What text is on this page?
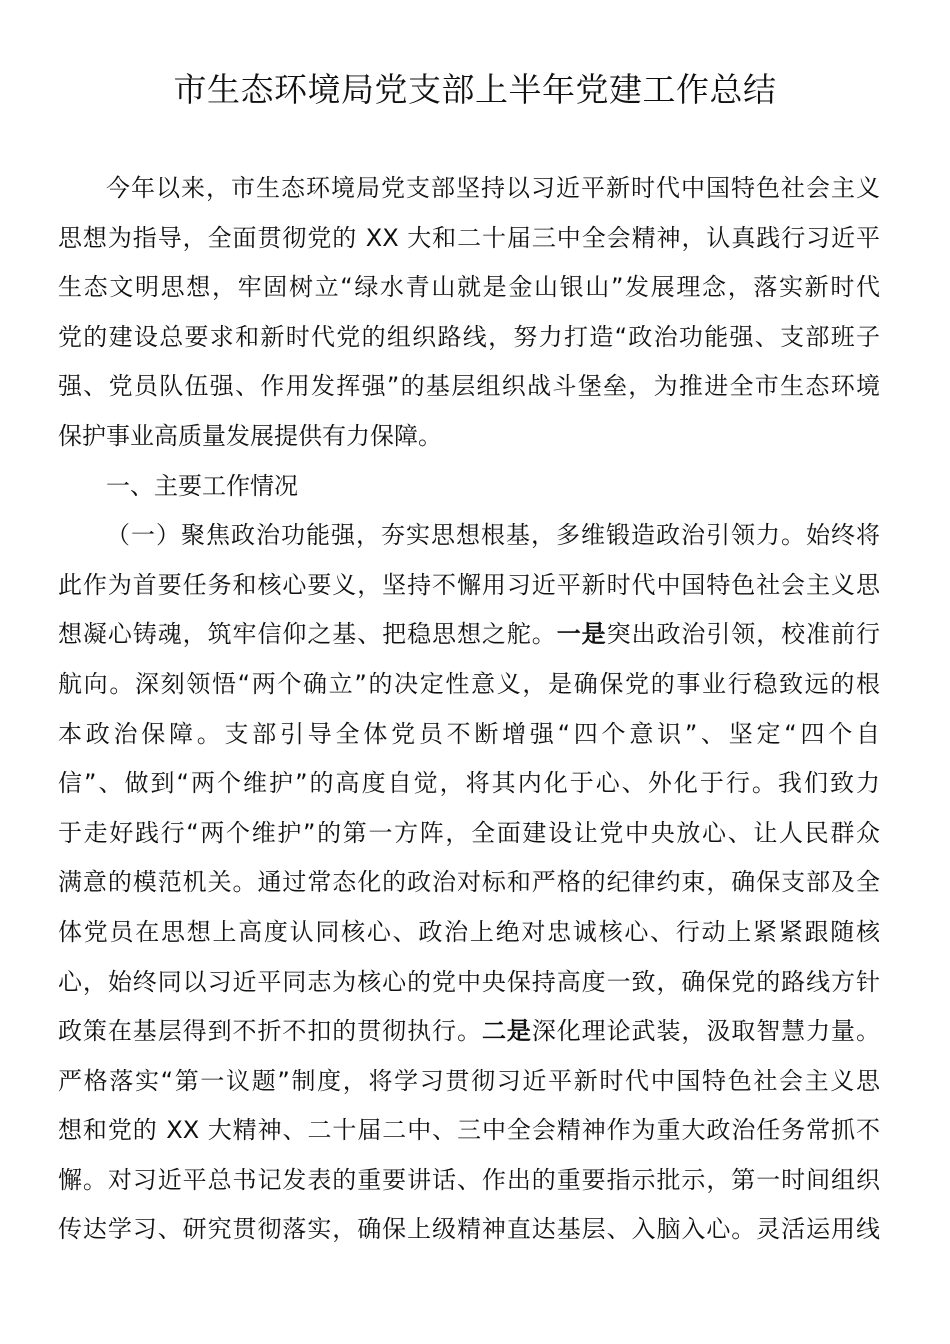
市生态环境局党支部上半年党建工作总结
今年以来，市生态环境局党支部坚持以习近平新时代中国特色社会主义
思想为指导，全面贯彻党的 XX 大和二十届三中全会精神，认真践行习近平
生态文明思想，牢固树立“绿水青山就是金山银山”发展理念，落实新时代
党的建设总要求和新时代党的组织路线，努力打造“政治功能强、支部班子
强、党员队伍强、作用发挥强”的基层组织战斗堡垒，为推进全市生态环境
保护事业高质量发展提供有力保障。
一、主要工作情况
（一）聚焦政治功能强，夯实思想根基，多维锻造政治引领力。始终将
此作为首要任务和核心要义，坚持不懈用习近平新时代中国特色社会主义思
想凝心铸魂，筑牢信仰之基、把稳思想之舵。一是突出政治引领，校准前行
航向。深刻领悟“两个确立”的决定性意义，是确保党的事业行稳致远的根
本政治保障。支部引导全体党员不断增强“四个意识”、坚定“四个自
信”、做到“两个维护”的高度自觉，将其内化于心、外化于行。我们致力
于走好践行“两个维护”的第一方阵，全面建设让党中央放心、让人民群众
满意的模范机关。通过常态化的政治对标和严格的纪律约束，确保支部及全
体党员在思想上高度认同核心、政治上绝对忠诚核心、行动上紧紧跟随核
心，始终同以习近平同志为核心的党中央保持高度一致，确保党的路线方针
政策在基层得到不折不扣的贯彻执行。二是深化理论武装，汲取智慧力量。
严格落实“第一议题”制度，将学习贯彻习近平新时代中国特色社会主义思
想和党的 XX 大精神、二十届二中、三中全会精神作为重大政治任务常抓不
懈。对习近平总书记发表的重要讲话、作出的重要指示批示，第一时间组织
传达学习、研究贯彻落实，确保上级精神直达基层、入脑入心。灵活运用线
